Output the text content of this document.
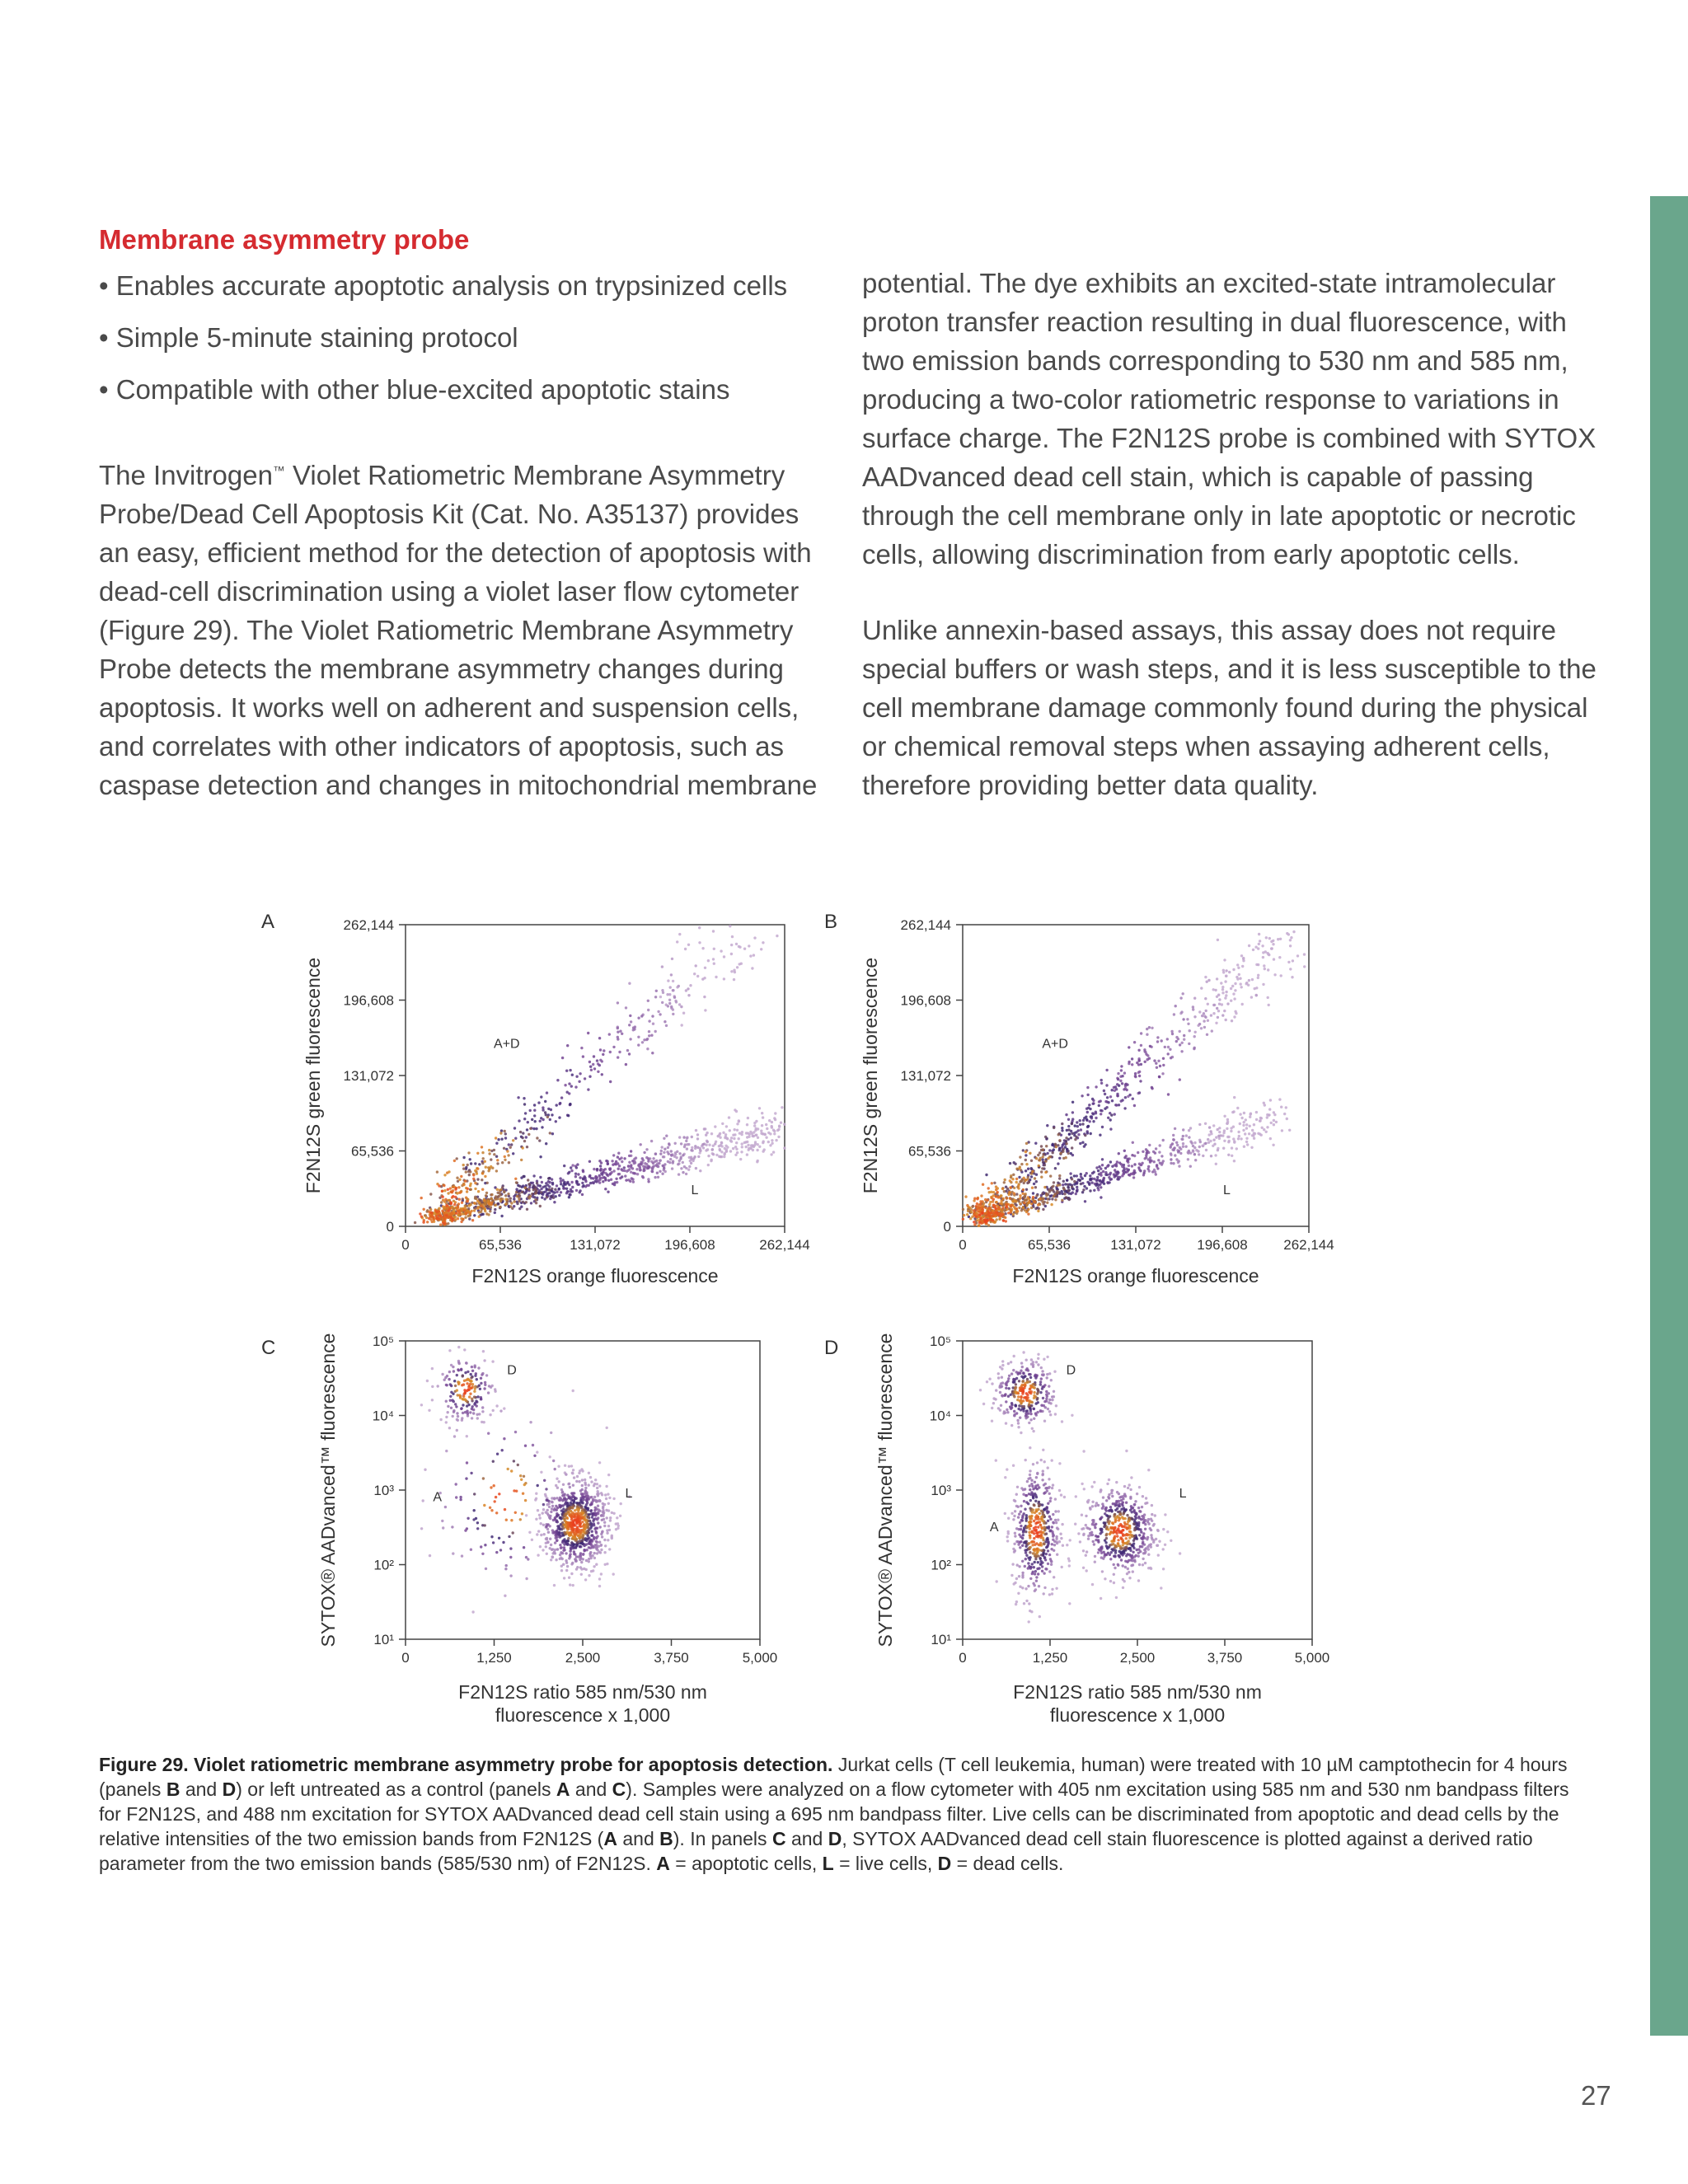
Membrane asymmetry probe
• Enables accurate apoptotic analysis on trypsinized cells
• Simple 5-minute staining protocol
• Compatible with other blue-excited apoptotic stains
The Invitrogen™ Violet Ratiometric Membrane Asymmetry
Probe/Dead Cell Apoptosis Kit (Cat. No. A35137) provides
an easy, efficient method for the detection of apoptosis with
dead-cell discrimination using a violet laser flow cytometer
(Figure 29). The Violet Ratiometric Membrane Asymmetry
Probe detects the membrane asymmetry changes during
apoptosis. It works well on adherent and suspension cells,
and correlates with other indicators of apoptosis, such as
caspase detection and changes in mitochondrial membrane
potential. The dye exhibits an excited-state intramolecular
proton transfer reaction resulting in dual fluorescence, with
two emission bands corresponding to 530 nm and 585 nm,
producing a two-color ratiometric response to variations in
surface charge. The F2N12S probe is combined with SYTOX
AADvanced dead cell stain, which is capable of passing
through the cell membrane only in late apoptotic or necrotic
cells, allowing discrimination from early apoptotic cells.
Unlike annexin-based assays, this assay does not require
special buffers or wash steps, and it is less susceptible to the
cell membrane damage commonly found during the physical
or chemical removal steps when assaying adherent cells,
therefore providing better data quality.
A
0	65,536	131,072	196,608	262,144
0
65,536
131,072
196,608
262,144
A+D
L
F2N12S orange fluorescence
F2N12S green fluorescence
B
0	65,536	131,072	196,608	262,144
0
65,536
131,072
196,608
262,144
A+D
L
F2N12S orange fluorescence
F2N12S green fluorescence
C
0	1,250	2,500	3,750	5,000
10⁵
10⁴
10³
10²
10¹
D
A	L
F2N12S ratio 585 nm/530 nm
fluorescence x 1,000
SYTOX® AADvanced™ fluorescence	D
0	1,250	2,500	3,750	5,000
10⁵
10⁴
10³
10²
10¹
D
A
L
F2N12S ratio 585 nm/530 nm
fluorescence x 1,000
SYTOX® AADvanced™ fluorescence

Figure 29. Violet ratiometric membrane asymmetry probe for apoptosis detection. Jurkat cells (T cell leukemia, human) were treated with 10 µM camptothecin for 4 hours (panels B and D) or left untreated as a control (panels A and C). Samples were analyzed on a flow cytometer with 405 nm excitation using 585 nm and 530 nm bandpass filters for F2N12S, and 488 nm excitation for SYTOX AADvanced dead cell stain using a 695 nm bandpass filter. Live cells can be discriminated from apoptotic and dead cells by the relative intensities of the two emission bands from F2N12S (A and B). In panels C and D, SYTOX AADvanced dead cell stain fluorescence is plotted against a derived ratio parameter from the two emission bands (585/530 nm) of F2N12S. A = apoptotic cells, L = live cells, D = dead cells.

27
